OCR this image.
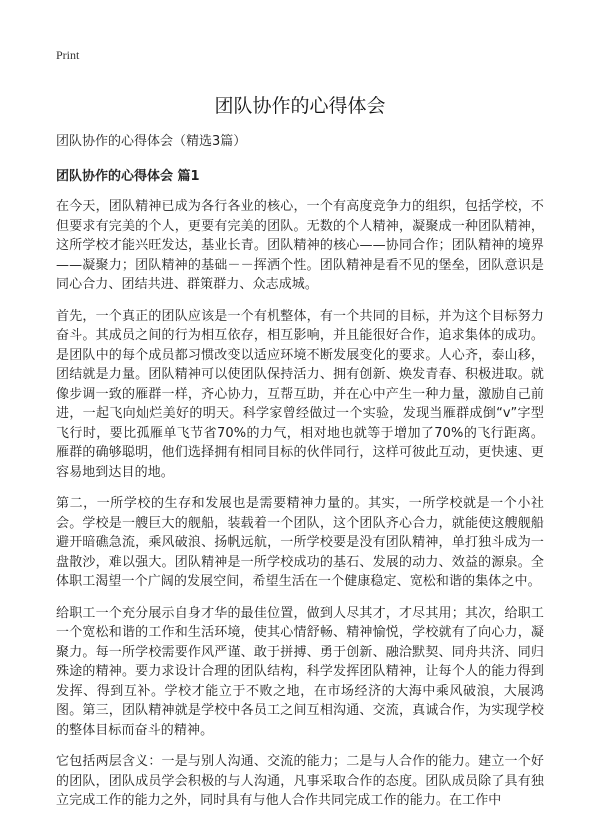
Print
团队协作的心得体会

团队协作的心得体会（精选3篇）

团队协作的心得体会 篇1

在今天，团队精神已成为各行各业的核心，一个有高度竞争力的组织，包括学校，不但要求有完美的个人，更要有完美的团队。无数的个人精神，凝聚成一种团队精神，这所学校才能兴旺发达，基业长青。团队精神的核心——协同合作；团队精神的境界——凝聚力；团队精神的基础－－挥洒个性。团队精神是看不见的堡垒，团队意识是同心合力、团结共进、群策群力、众志成城。

首先，一个真正的团队应该是一个有机整体，有一个共同的目标，并为这个目标努力奋斗。其成员之间的行为相互依存，相互影响，并且能很好合作，追求集体的成功。是团队中的每个成员都习惯改变以适应环境不断发展变化的要求。人心齐，泰山移，团结就是力量。团队精神可以使团队保持活力、拥有创新、焕发青春、积极进取。就像步调一致的雁群一样，齐心协力，互帮互助，并在心中产生一种力量，激励自己前进，一起飞向灿烂美好的明天。科学家曾经做过一个实验，发现当雁群成倒“v”字型飞行时，要比孤雁单飞节省70%的力气，相对地也就等于增加了70%的飞行距离。雁群的确够聪明，他们选择拥有相同目标的伙伴同行，这样可彼此互动，更快速、更容易地到达目的地。

第二，一所学校的生存和发展也是需要精神力量的。其实，一所学校就是一个小社会。学校是一艘巨大的舰船，装载着一个团队，这个团队齐心合力，就能使这艘舰船避开暗礁急流，乘风破浪、扬帆远航，一所学校要是没有团队精神，单打独斗成为一盘散沙，难以强大。团队精神是一所学校成功的基石、发展的动力、效益的源泉。全体职工渴望一个广阔的发展空间，希望生活在一个健康稳定、宽松和谐的集体之中。

给职工一个充分展示自身才华的最佳位置，做到人尽其才，才尽其用；其次，给职工一个宽松和谐的工作和生活环境，使其心情舒畅、精神愉悦，学校就有了向心力，凝聚力。每一所学校需要作风严谨、敢于拼搏、勇于创新、融洽默契、同舟共济、同归殊途的精神。要力求设计合理的团队结构，科学发挥团队精神，让每个人的能力得到发挥、得到互补。学校才能立于不败之地，在市场经济的大海中乘风破浪，大展鸿图。第三，团队精神就是学校中各员工之间互相沟通、交流，真诚合作，为实现学校的整体目标而奋斗的精神。

它包括两层含义：一是与别人沟通、交流的能力；二是与人合作的能力。建立一个好的团队，团队成员学会积极的与人沟通，凡事采取合作的态度。团队成员除了具有独立完成工作的能力之外，同时具有与他人合作共同完成工作的能力。在工作中
